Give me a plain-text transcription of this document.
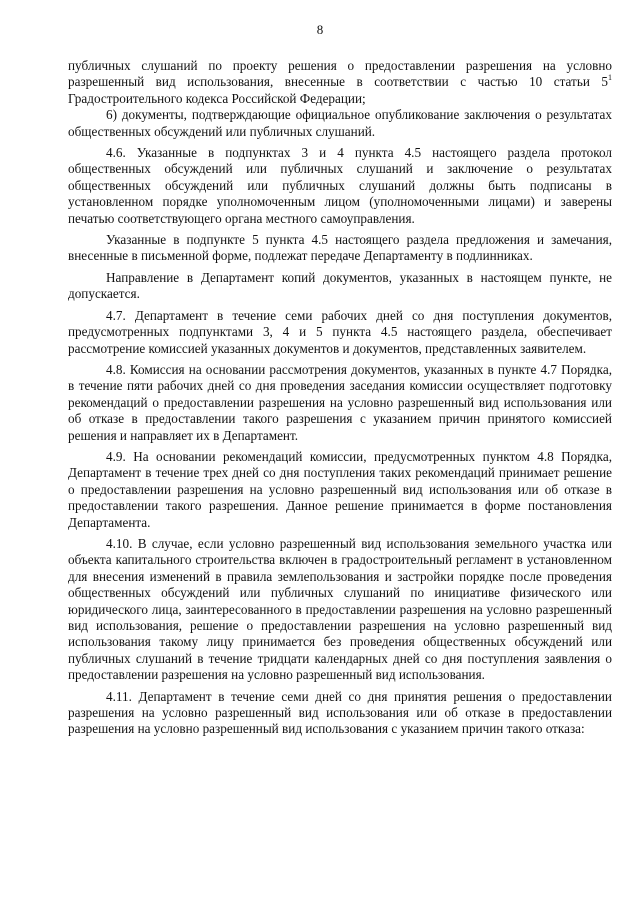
8

публичных слушаний по проекту решения о предоставлении разрешения на условно разрешенный вид использования, внесенные в соответствии с частью 10 статьи $5^1$ Градостроительного кодекса Российской Федерации;

6) документы, подтверждающие официальное опубликование заключения о результатах общественных обсуждений или публичных слушаний.

4.6. Указанные в подпунктах 3 и 4 пункта 4.5 настоящего раздела протокол общественных обсуждений или публичных слушаний и заключение о результатах общественных обсуждений или публичных слушаний должны быть подписаны в установленном порядке уполномоченным лицом (уполномоченными лицами) и заверены печатью соответствующего органа местного самоуправления.

Указанные в подпункте 5 пункта 4.5 настоящего раздела предложения и замечания, внесенные в письменной форме, подлежат передаче Департаменту в подлинниках.

Направление в Департамент копий документов, указанных в настоящем пункте, не допускается.

4.7. Департамент в течение семи рабочих дней со дня поступления документов, предусмотренных подпунктами 3, 4 и 5 пункта 4.5 настоящего раздела, обеспечивает рассмотрение комиссией указанных документов и документов, представленных заявителем.

4.8. Комиссия на основании рассмотрения документов, указанных в пункте 4.7 Порядка, в течение пяти рабочих дней со дня проведения заседания комиссии осуществляет подготовку рекомендаций о предоставлении разрешения на условно разрешенный вид использования или об отказе в предоставлении такого разрешения с указанием причин принятого комиссией решения и направляет их в Департамент.

4.9. На основании рекомендаций комиссии, предусмотренных пунктом 4.8 Порядка, Департамент в течение трех дней со дня поступления таких рекомендаций принимает решение о предоставлении разрешения на условно разрешенный вид использования или об отказе в предоставлении такого разрешения. Данное решение принимается в форме постановления Департамента.

4.10. В случае, если условно разрешенный вид использования земельного участка или объекта капитального строительства включен в градостроительный регламент в установленном для внесения изменений в правила землепользования и застройки порядке после проведения общественных обсуждений или публичных слушаний по инициативе физического или юридического лица, заинтересованного в предоставлении разрешения на условно разрешенный вид использования, решение о предоставлении разрешения на условно разрешенный вид использования такому лицу принимается без проведения общественных обсуждений или публичных слушаний в течение тридцати календарных дней со дня поступления заявления о предоставлении разрешения на условно разрешенный вид использования.

4.11. Департамент в течение семи дней со дня принятия решения о предоставлении разрешения на условно разрешенный вид использования или об отказе в предоставлении разрешения на условно разрешенный вид использования с указанием причин такого отказа:
